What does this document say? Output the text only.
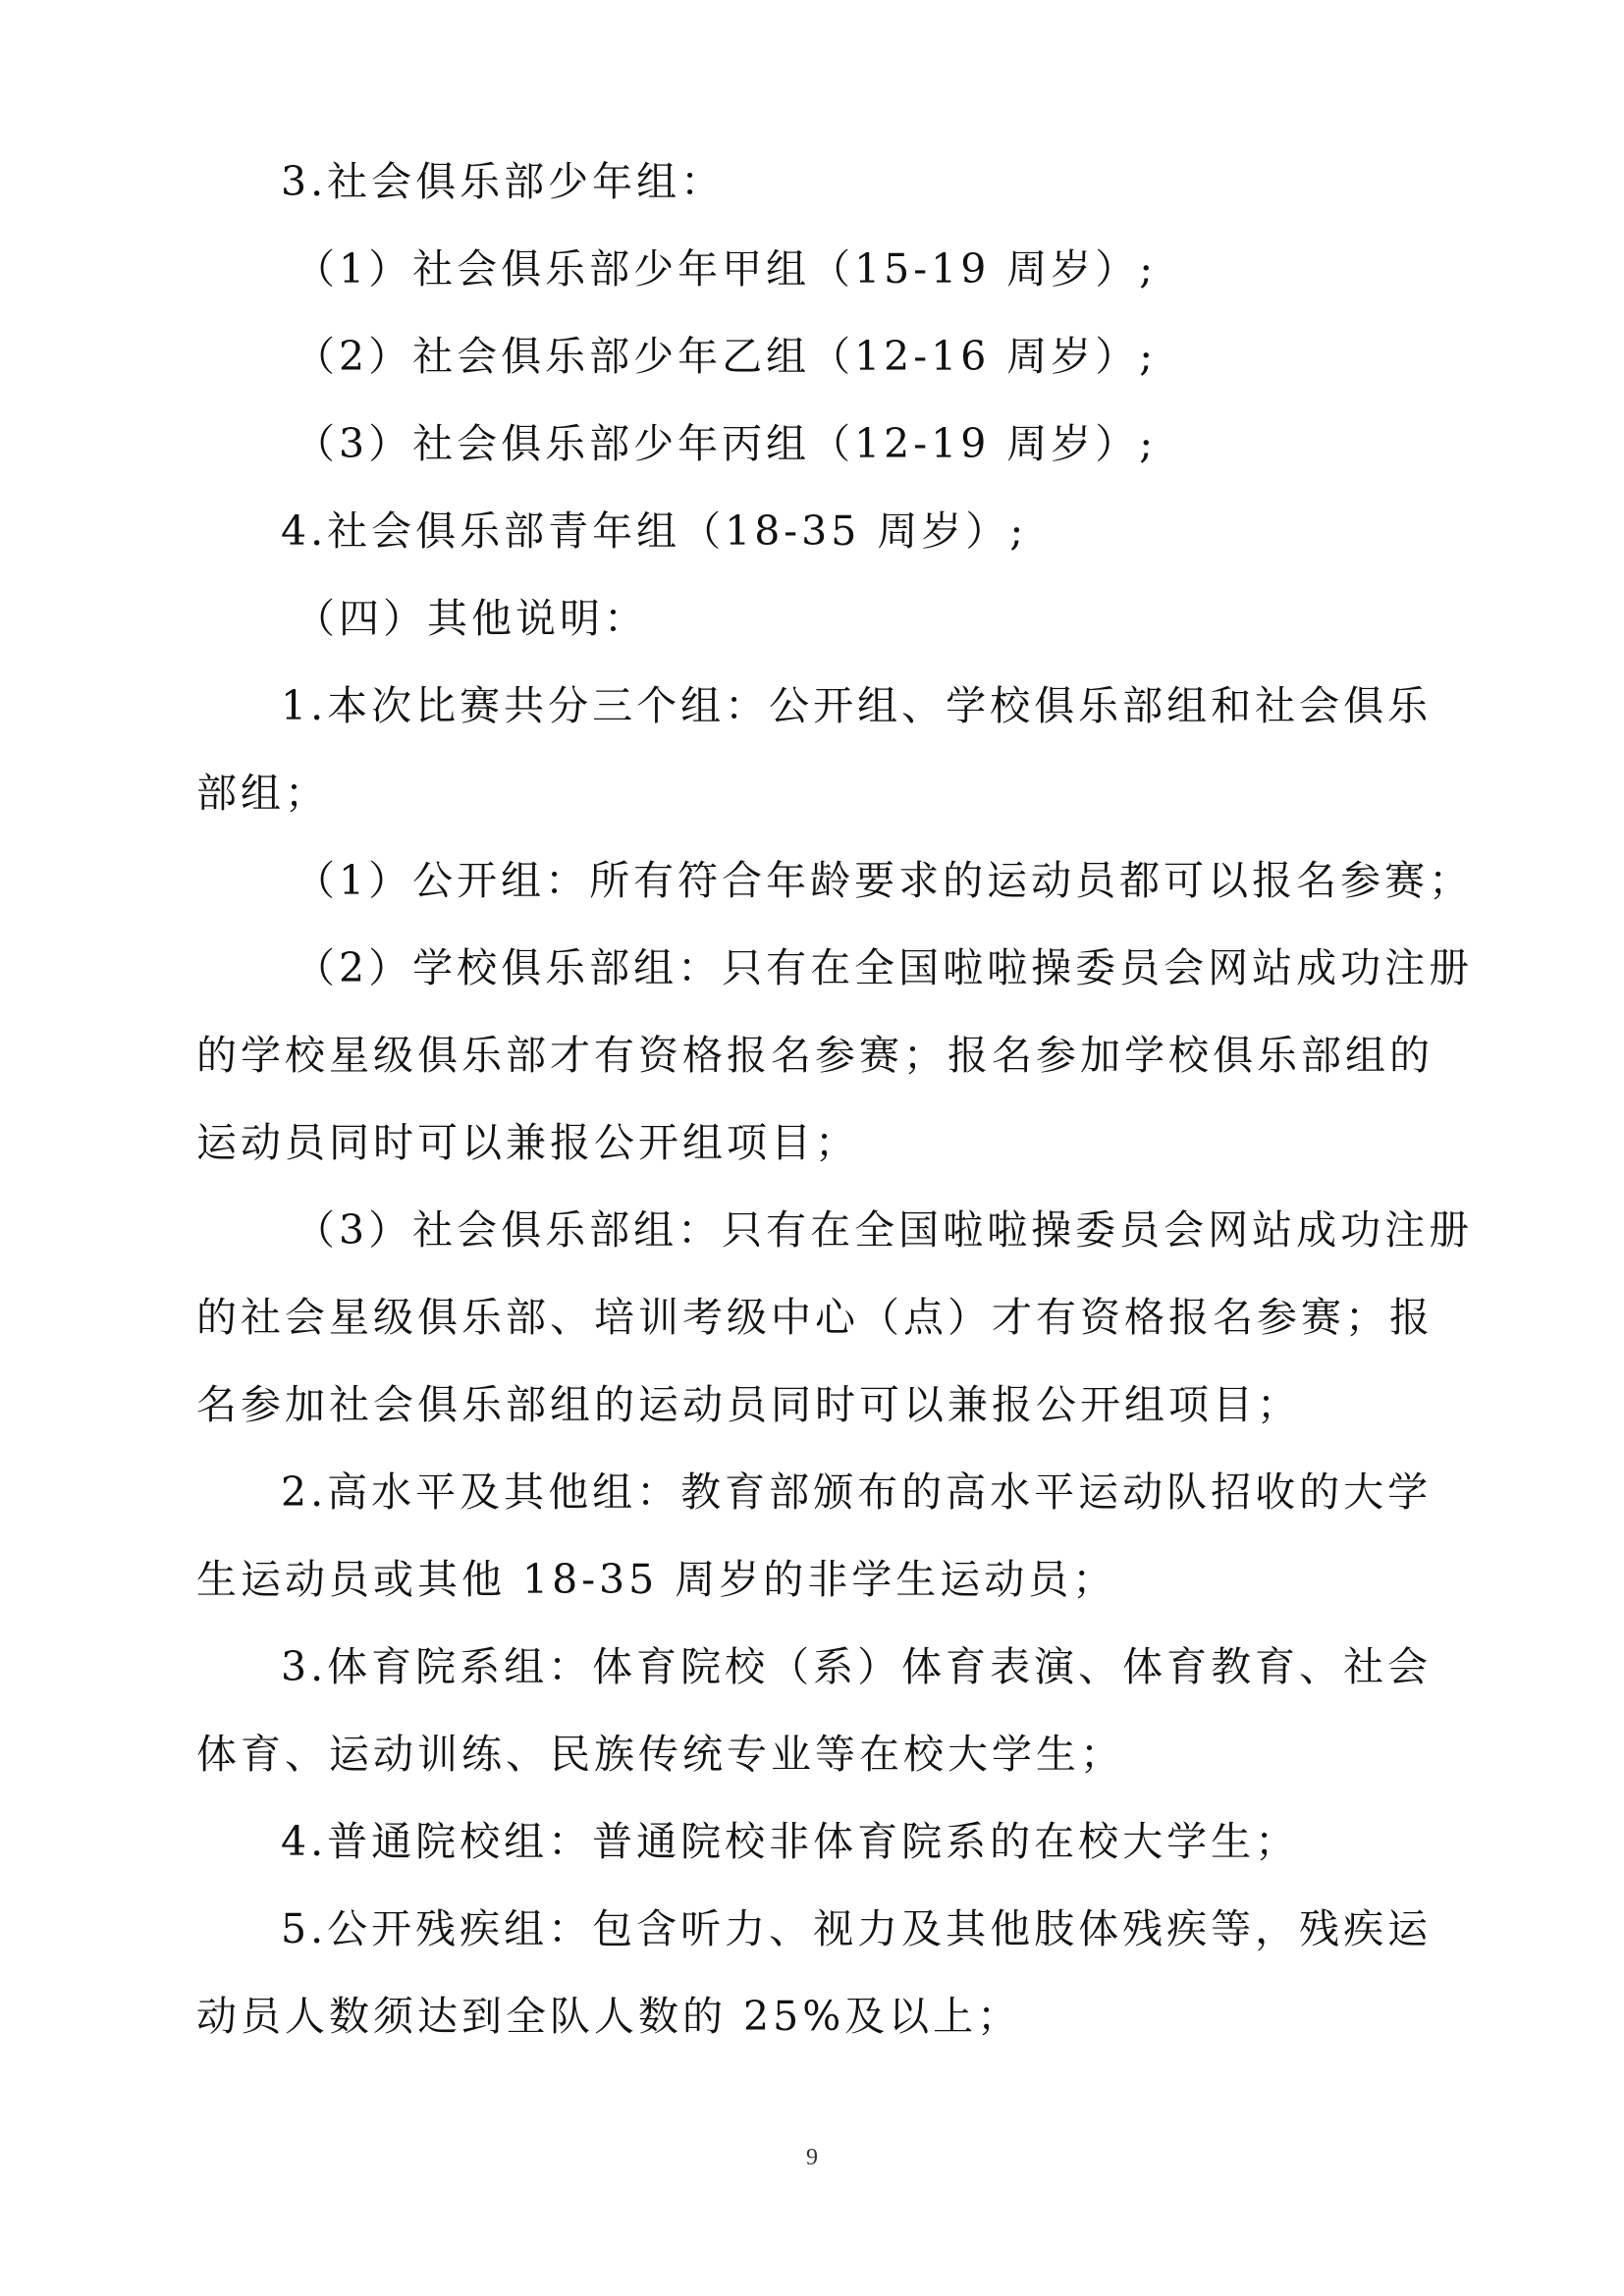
3.社会俱乐部少年组：

（1）社会俱乐部少年甲组（15-19 周岁）;

（2）社会俱乐部少年乙组（12-16 周岁）;

（3）社会俱乐部少年丙组（12-19 周岁）;

4.社会俱乐部青年组（18-35 周岁）;

（四）其他说明：

1.本次比赛共分三个组：公开组、学校俱乐部组和社会俱乐

部组；

（1）公开组：所有符合年龄要求的运动员都可以报名参赛；

（2）学校俱乐部组：只有在全国啦啦操委员会网站成功注册

的学校星级俱乐部才有资格报名参赛；报名参加学校俱乐部组的

运动员同时可以兼报公开组项目；

（3）社会俱乐部组：只有在全国啦啦操委员会网站成功注册

的社会星级俱乐部、培训考级中心（点）才有资格报名参赛；报

名参加社会俱乐部组的运动员同时可以兼报公开组项目；

2.高水平及其他组：教育部颁布的高水平运动队招收的大学

生运动员或其他 18-35 周岁的非学生运动员；

3.体育院系组：体育院校（系）体育表演、体育教育、社会

体育、运动训练、民族传统专业等在校大学生；

4.普通院校组：普通院校非体育院系的在校大学生；

5.公开残疾组：包含听力、视力及其他肢体残疾等，残疾运

动员人数须达到全队人数的 25%及以上；

9
